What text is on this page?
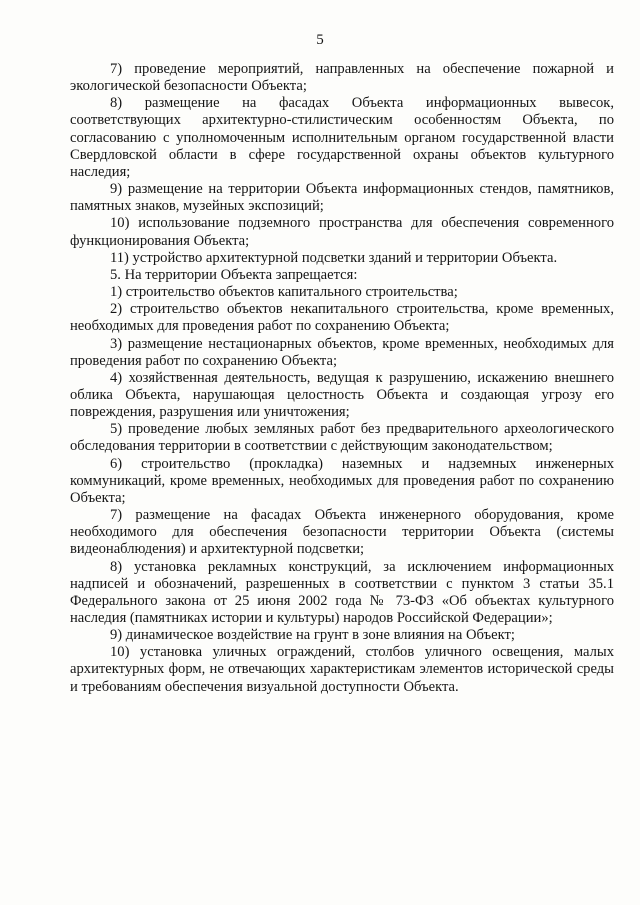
5

7) проведение мероприятий, направленных на обеспечение пожарной и экологической безопасности Объекта;

8) размещение на фасадах Объекта информационных вывесок, соответствующих архитектурно-стилистическим особенностям Объекта, по согласованию с уполномоченным исполнительным органом государственной власти Свердловской области в сфере государственной охраны объектов культурного наследия;

9) размещение на территории Объекта информационных стендов, памятников, памятных знаков, музейных экспозиций;

10) использование подземного пространства для обеспечения современного функционирования Объекта;

11) устройство архитектурной подсветки зданий и территории Объекта.

5. На территории Объекта запрещается:

1) строительство объектов капитального строительства;

2) строительство объектов некапитального строительства, кроме временных, необходимых для проведения работ по сохранению Объекта;

3) размещение нестационарных объектов, кроме временных, необходимых для проведения работ по сохранению Объекта;

4) хозяйственная деятельность, ведущая к разрушению, искажению внешнего облика Объекта, нарушающая целостность Объекта и создающая угрозу его повреждения, разрушения или уничтожения;

5) проведение любых земляных работ без предварительного археологического обследования территории в соответствии с действующим законодательством;

6) строительство (прокладка) наземных и надземных инженерных коммуникаций, кроме временных, необходимых для проведения работ по сохранению Объекта;

7) размещение на фасадах Объекта инженерного оборудования, кроме необходимого для обеспечения безопасности территории Объекта (системы видеонаблюдения) и архитектурной подсветки;

8) установка рекламных конструкций, за исключением информационных надписей и обозначений, разрешенных в соответствии с пунктом 3 статьи 35.1 Федерального закона от 25 июня 2002 года № 73-ФЗ «Об объектах культурного наследия (памятниках истории и культуры) народов Российской Федерации»;

9) динамическое воздействие на грунт в зоне влияния на Объект;

10) установка уличных ограждений, столбов уличного освещения, малых архитектурных форм, не отвечающих характеристикам элементов исторической среды и требованиям обеспечения визуальной доступности Объекта.
